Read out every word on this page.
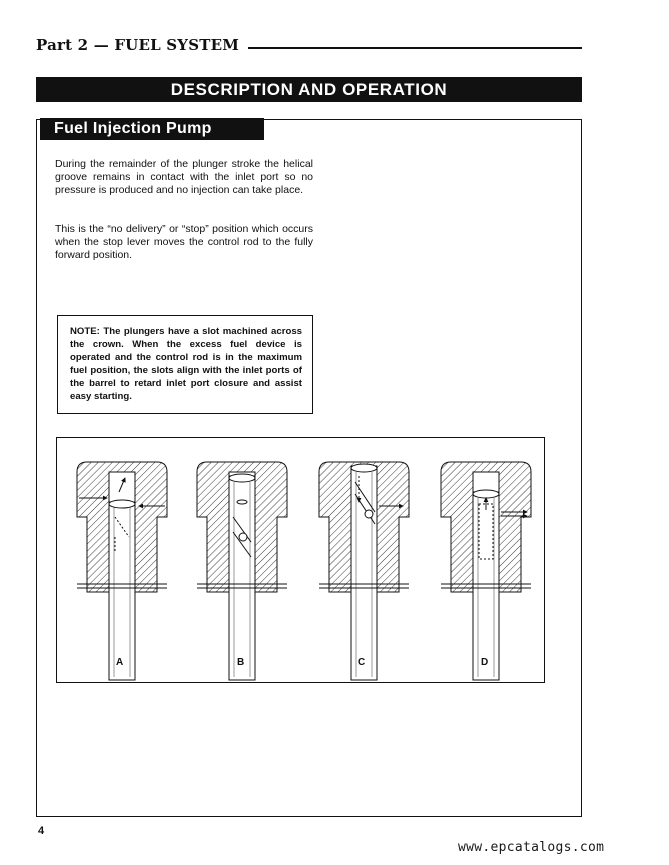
Part 2 — FUEL SYSTEM
DESCRIPTION AND OPERATION
Fuel Injection Pump

During the remainder of the plunger stroke the helical groove remains in contact with the inlet port so no pressure is produced and no injection can take place.

This is the “no delivery” or “stop” position which occurs when the stop lever moves the control rod to the fully forward position.

NOTE: The plungers have a slot machined across the crown. When the excess fuel device is operated and the control rod is in the maximum fuel position, the slots align with the inlet ports of the barrel to retard inlet port closure and assist easy starting.
A	B	C	D
4
www.epcatalogs.com
